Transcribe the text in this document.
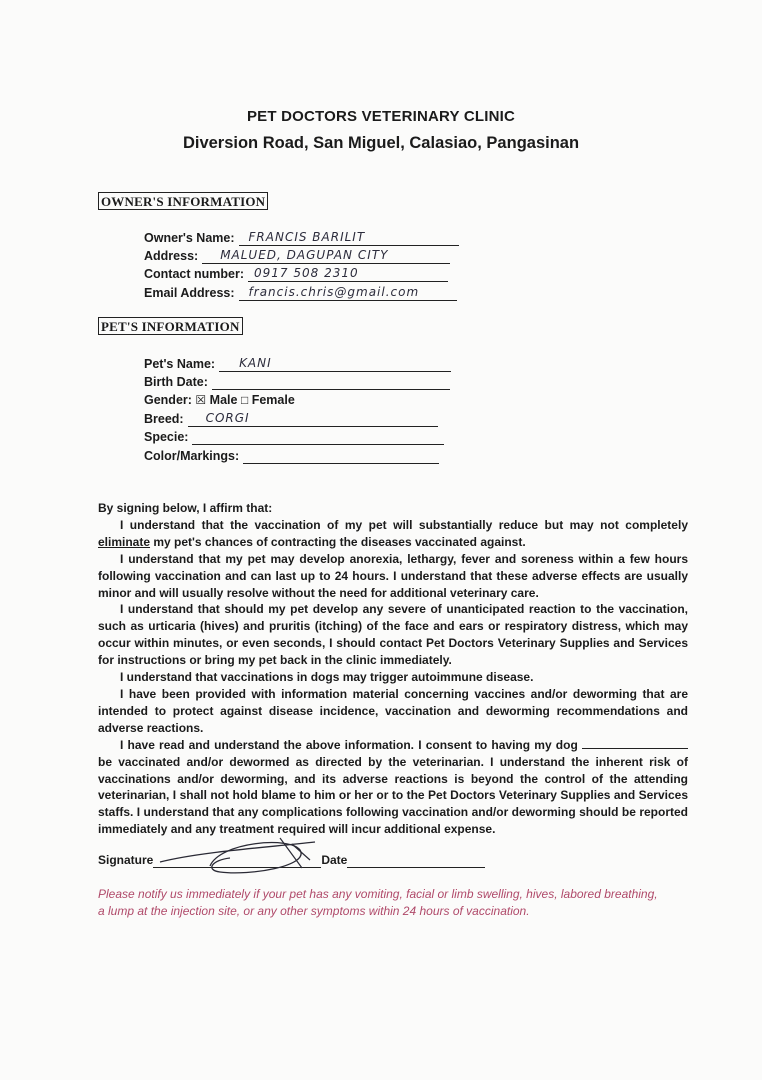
PET DOCTORS VETERINARY CLINIC
Diversion Road, San Miguel, Calasiao, Pangasinan
OWNER'S INFORMATION
Owner's Name: FRANCIS BARILIT
Address: MALUED, DAGUPAN CITY
Contact number: 0917 508 2310
Email Address: francis.chris@gmail.com
PET'S INFORMATION
Pet's Name: KANI
Birth Date:
Gender: ☒ Male □ Female
Breed: CORGI
Specie:
Color/Markings:

By signing below, I affirm that:

I understand that the vaccination of my pet will substantially reduce but may not completely eliminate my pet's chances of contracting the diseases vaccinated against.

I understand that my pet may develop anorexia, lethargy, fever and soreness within a few hours following vaccination and can last up to 24 hours. I understand that these adverse effects are usually minor and will usually resolve without the need for additional veterinary care.

I understand that should my pet develop any severe of unanticipated reaction to the vaccination, such as urticaria (hives) and pruritis (itching) of the face and ears or respiratory distress, which may occur within minutes, or even seconds, I should contact Pet Doctors Veterinary Supplies and Services for instructions or bring my pet back in the clinic immediately.

I understand that vaccinations in dogs may trigger autoimmune disease.

I have been provided with information material concerning vaccines and/or deworming that are intended to protect against disease incidence, vaccination and deworming recommendations and adverse reactions.

I have read and understand the above information. I consent to having my dog  be vaccinated and/or dewormed as directed by the veterinarian. I understand the inherent risk of vaccinations and/or deworming, and its adverse reactions is beyond the control of the attending veterinarian, I shall not hold blame to him or her or to the Pet Doctors Veterinary Supplies and Services staffs. I understand that any complications following vaccination and/or deworming should be reported immediately and any treatment required will incur additional expense.

Signature	Date
Please notify us immediately if your pet has any vomiting, facial or limb swelling, hives, labored breathing, a lump at the injection site, or any other symptoms within 24 hours of vaccination.
